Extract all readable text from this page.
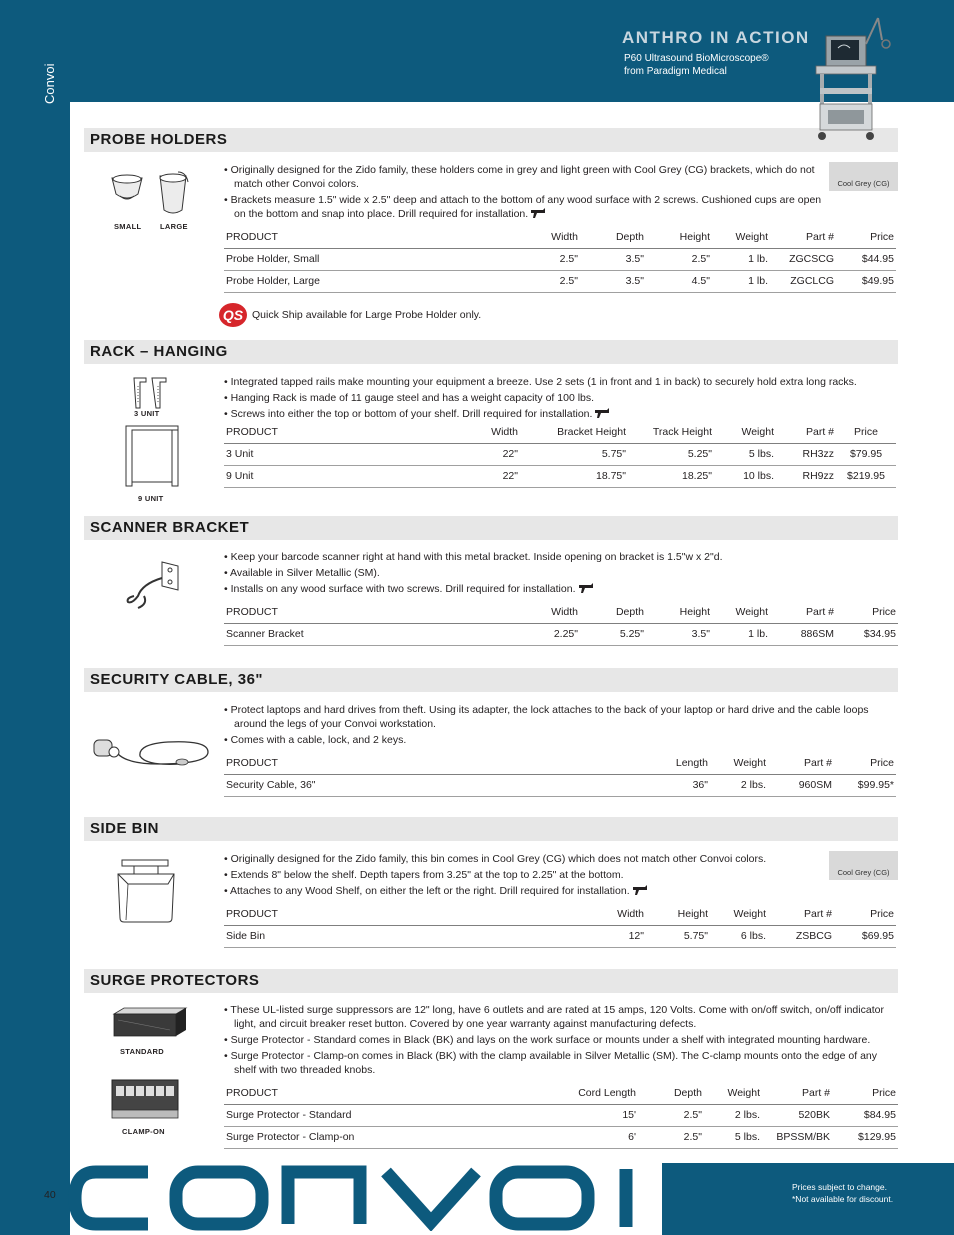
Convoi
ANTHRO IN ACTION
P60 Ultrasound BioMicroscope®
from Paradigm Medical
PROBE HOLDERS
SMALL LARGE
• Originally designed for the Zido family, these holders come in grey and light green with Cool Grey (CG) brackets, which do not match other Convoi colors.
• Brackets measure 1.5" wide x 2.5" deep and attach to the bottom of any wood surface with 2 screws. Cushioned cups are open on the bottom and snap into place. Drill required for installation.
Cool Grey (CG)
PRODUCT	Width	Depth	Height	Weight	Part #	Price
Probe Holder, Small	2.5"	3.5"	2.5"	1 lb.	ZGCSCG	$44.95
Probe Holder, Large	2.5"	3.5"	4.5"	1 lb.	ZGCLCG	$49.95
QS Quick Ship available for Large Probe Holder only.
RACK – HANGING
3 UNIT
9 UNIT
• Integrated tapped rails make mounting your equipment a breeze. Use 2 sets (1 in front and 1 in back) to securely hold extra long racks.
• Hanging Rack is made of 11 gauge steel and has a weight capacity of 100 lbs.
• Screws into either the top or bottom of your shelf. Drill required for installation.
PRODUCT	Width	Bracket Height	Track Height	Weight	Part #	Price
3 Unit	22"	5.75"	5.25"	5 lbs.	RH3zz	$79.95
9 Unit	22"	18.75"	18.25"	10 lbs.	RH9zz	$219.95
SCANNER BRACKET
• Keep your barcode scanner right at hand with this metal bracket. Inside opening on bracket is 1.5"w x 2"d.
• Available in Silver Metallic (SM).
• Installs on any wood surface with two screws. Drill required for installation.
PRODUCT	Width	Depth	Height	Weight	Part #	Price
Scanner Bracket	2.25"	5.25"	3.5"	1 lb.	886SM	$34.95
SECURITY CABLE, 36"
• Protect laptops and hard drives from theft. Using its adapter, the lock attaches to the back of your laptop or hard drive and the cable loops around the legs of your Convoi workstation.
• Comes with a cable, lock, and 2 keys.
PRODUCT	Length	Weight	Part #	Price
Security Cable, 36"	36"	2 lbs.	960SM	$99.95*
SIDE BIN
• Originally designed for the Zido family, this bin comes in Cool Grey (CG) which does not match other Convoi colors.
• Extends 8" below the shelf. Depth tapers from 3.25" at the top to 2.25" at the bottom.
• Attaches to any Wood Shelf, on either the left or the right. Drill required for installation.
Cool Grey (CG)
PRODUCT	Width	Height	Weight	Part #	Price
Side Bin	12"	5.75"	6 lbs.	ZSBCG	$69.95
SURGE PROTECTORS
STANDARD
CLAMP-ON
• These UL-listed surge suppressors are 12" long, have 6 outlets and are rated at 15 amps, 120 Volts. Come with on/off switch, on/off indicator light, and circuit breaker reset button. Covered by one year warranty against manufacturing defects.
• Surge Protector - Standard comes in Black (BK) and lays on the work surface or mounts under a shelf with integrated mounting hardware.
• Surge Protector - Clamp-on comes in Black (BK) with the clamp available in Silver Metallic (SM). The C-clamp mounts onto the edge of any shelf with two threaded knobs.
PRODUCT	Cord Length	Depth	Weight	Part #	Price
Surge Protector - Standard	15'	2.5"	2 lbs.	520BK	$84.95
Surge Protector - Clamp-on	6'	2.5"	5 lbs.	BPSSM/BK	$129.95
40
Prices subject to change.
*Not available for discount.
